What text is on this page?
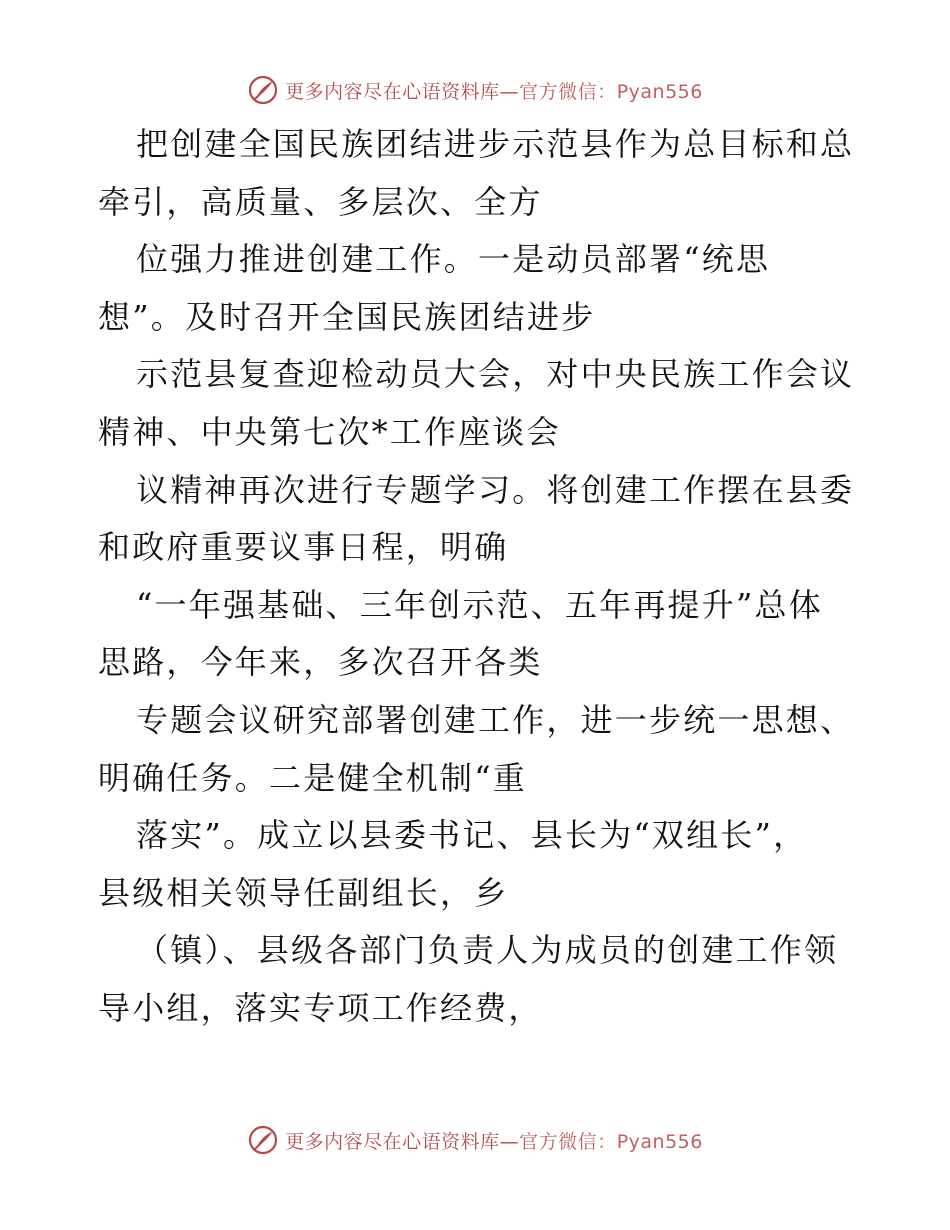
更多内容尽在心语资料库—官方微信：Pyan556
把创建全国民族团结进步示范县作为总目标和总
牵引，高质量、多层次、全方
位强力推进创建工作。一是动员部署“统思
想”。及时召开全国民族团结进步
示范县复查迎检动员大会，对中央民族工作会议
精神、中央第七次*工作座谈会
议精神再次进行专题学习。将创建工作摆在县委
和政府重要议事日程，明确
“一年强基础、三年创示范、五年再提升”总体
思路，今年来，多次召开各类
专题会议研究部署创建工作，进一步统一思想、
明确任务。二是健全机制“重
落实”。成立以县委书记、县长为“双组长”，
县级相关领导任副组长，乡
（镇）、县级各部门负责人为成员的创建工作领
导小组，落实专项工作经费，
更多内容尽在心语资料库—官方微信：Pyan556
